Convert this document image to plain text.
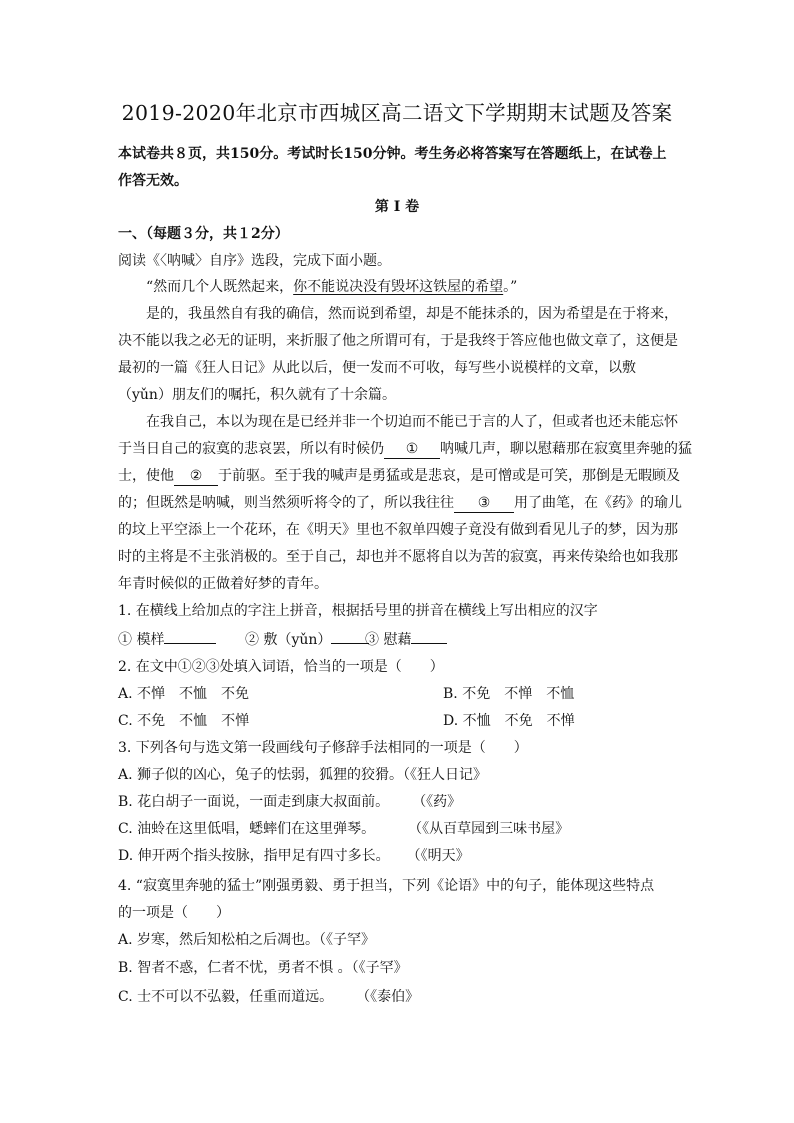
2019-2020年北京市西城区高二语文下学期期末试题及答案
本试卷共８页，共150分。考试时长150分钟。考生务必将答案写在答题纸上，在试卷上
作答无效。
第 Ⅰ 卷
一、（每题３分，共１2分）
阅读《〈呐喊〉自序》选段，完成下面小题。
“然而几个人既然起来，你不能说决没有毁坏这铁屋的希望。”
是的，我虽然自有我的确信，然而说到希望，却是不能抹杀的，因为希望是在于将来，
决不能以我之必无的证明，来折服了他之所谓可有，于是我终于答应他也做文章了，这便是
最初的一篇《狂人日记》从此以后，便一发而不可收，每写些小说模样的文章，以敷
（yǔn）朋友们的嘱托，积久就有了十余篇。
在我自己，本以为现在是已经并非一个切迫而不能已于言的人了，但或者也还未能忘怀
于当日自己的寂寞的悲哀罢，所以有时候仍 ① 呐喊几声，聊以慰藉那在寂寞里奔驰的猛
士，使他 ② 于前驱。至于我的喊声是勇猛或是悲哀，是可憎或是可笑，那倒是无暇顾及
的；但既然是呐喊，则当然须听将令的了，所以我往往 ③ 用了曲笔，在《药》的瑜儿
的坟上平空添上一个花环，在《明天》里也不叙单四嫂子竟没有做到看见儿子的梦，因为那
时的主将是不主张消极的。至于自己，却也并不愿将自以为苦的寂寞，再来传染给也如我那
年青时候似的正做着好梦的青年。
1. 在横线上给加点的字注上拼音，根据括号里的拼音在横线上写出相应的汉字
① 模样	② 敷（yǔn）	③ 慰藉
2. 在文中①②③处填入词语，恰当的一项是（　　）
A. 不惮　不恤　不免	B. 不免　不惮　不恤
C. 不免　不恤　不惮	D. 不恤　不免　不惮
3. 下列各句与选文第一段画线句子修辞手法相同的一项是（　　）
A. 狮子似的凶心，兔子的怯弱，狐狸的狡猾。（《狂人日记》
B. 花白胡子一面说，一面走到康大叔面前。 （《药》
C. 油蛉在这里低唱，蟋蟀们在这里弹琴。	（《从百草园到三味书屋》
D. 伸开两个指头按脉，指甲足有四寸多长。 （《明天》
4. “寂寞里奔驰的猛士”刚强勇毅、勇于担当，下列《论语》中的句子，能体现这些特点
的一项是（　　）
A. 岁寒，然后知松柏之后凋也。（《子罕》
B. 智者不惑，仁者不忧，勇者不惧 。（《子罕》
C. 士不可以不弘毅，任重而道远。 （《泰伯》
